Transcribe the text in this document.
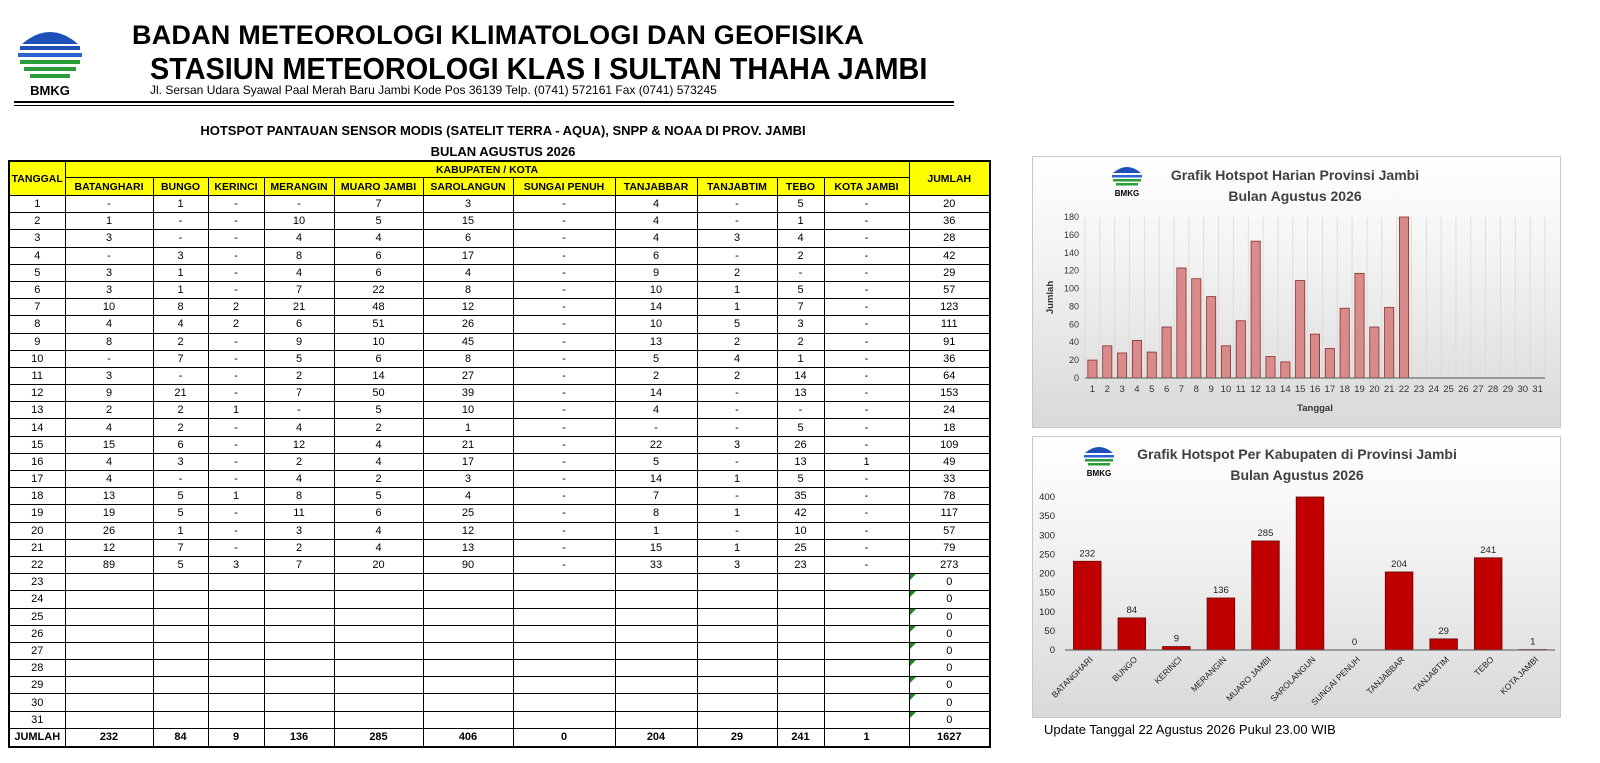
BMKG
BADAN METEOROLOGI KLIMATOLOGI DAN GEOFISIKA
STASIUN METEOROLOGI KLAS I SULTAN THAHA JAMBI
Jl. Sersan Udara Syawal Paal Merah Baru Jambi Kode Pos 36139 Telp. (0741) 572161 Fax (0741) 573245
HOTSPOT PANTAUAN SENSOR MODIS (SATELIT TERRA - AQUA), SNPP & NOAA DI PROV. JAMBI
BULAN AGUSTUS 2026
TANGGAL	KABUPATEN / KOTA											JUMLAH
	BATANGHARI	BUNGO	KERINCI	MERANGIN	MUARO JAMBI	SAROLANGUN	SUNGAI PENUH	TANJABBAR	TANJABTIM	TEBO	KOTA JAMBI	
1	-	1	-	-	7	3	-	4	-	5	-	20
2	1	-	-	10	5	15	-	4	-	1	-	36
3	3	-	-	4	4	6	-	4	3	4	-	28
4	-	3	-	8	6	17	-	6	-	2	-	42
5	3	1	-	4	6	4	-	9	2	-	-	29
6	3	1	-	7	22	8	-	10	1	5	-	57
7	10	8	2	21	48	12	-	14	1	7	-	123
8	4	4	2	6	51	26	-	10	5	3	-	111
9	8	2	-	9	10	45	-	13	2	2	-	91
10	-	7	-	5	6	8	-	5	4	1	-	36
11	3	-	-	2	14	27	-	2	2	14	-	64
12	9	21	-	7	50	39	-	14	-	13	-	153
13	2	2	1	-	5	10	-	4	-	-	-	24
14	4	2	-	4	2	1	-	-	-	5	-	18
15	15	6	-	12	4	21	-	22	3	26	-	109
16	4	3	-	2	4	17	-	5	-	13	1	49
17	4	-	-	4	2	3	-	14	1	5	-	33
18	13	5	1	8	5	4	-	7	-	35	-	78
19	19	5	-	11	6	25	-	8	1	42	-	117
20	26	1	-	3	4	12	-	1	-	10	-	57
21	12	7	-	2	4	13	-	15	1	25	-	79
22	89	5	3	7	20	90	-	33	3	23	-	273
23												0
24												0
25												0
26												0
27												0
28												0
29												0
30												0
31												0
JUMLAH	232	84	9	136	285	406	0	204	29	241	1	1627
BMKG
Grafik Hotspot Harian Provinsi Jambi
Bulan Agustus 2026
0
20
40
60
80
100
120
140
160
180
1 2 3 4 5 6 7 8 9 10 11 12 13 14 15 16 17 18 19 20 21 22 23 24 25 26 27 28 29 30 31
Tanggal
Jumlah
BMKG
Grafik Hotspot Per Kabupaten di Provinsi Jambi
Bulan Agustus 2026
0
50
100
150
200
250
300
350
400
232
84
9
136
285
0
204
29
241
1
BATANGHARI BUNGO KERINCI MERANGIN
MUARO JAMBI
SAROLANGUN
SUNGAI PENUH TANJABBAR TANJABTIM TEBO KOTA JAMBI
Update Tanggal 22 Agustus 2026 Pukul 23.00 WIB
